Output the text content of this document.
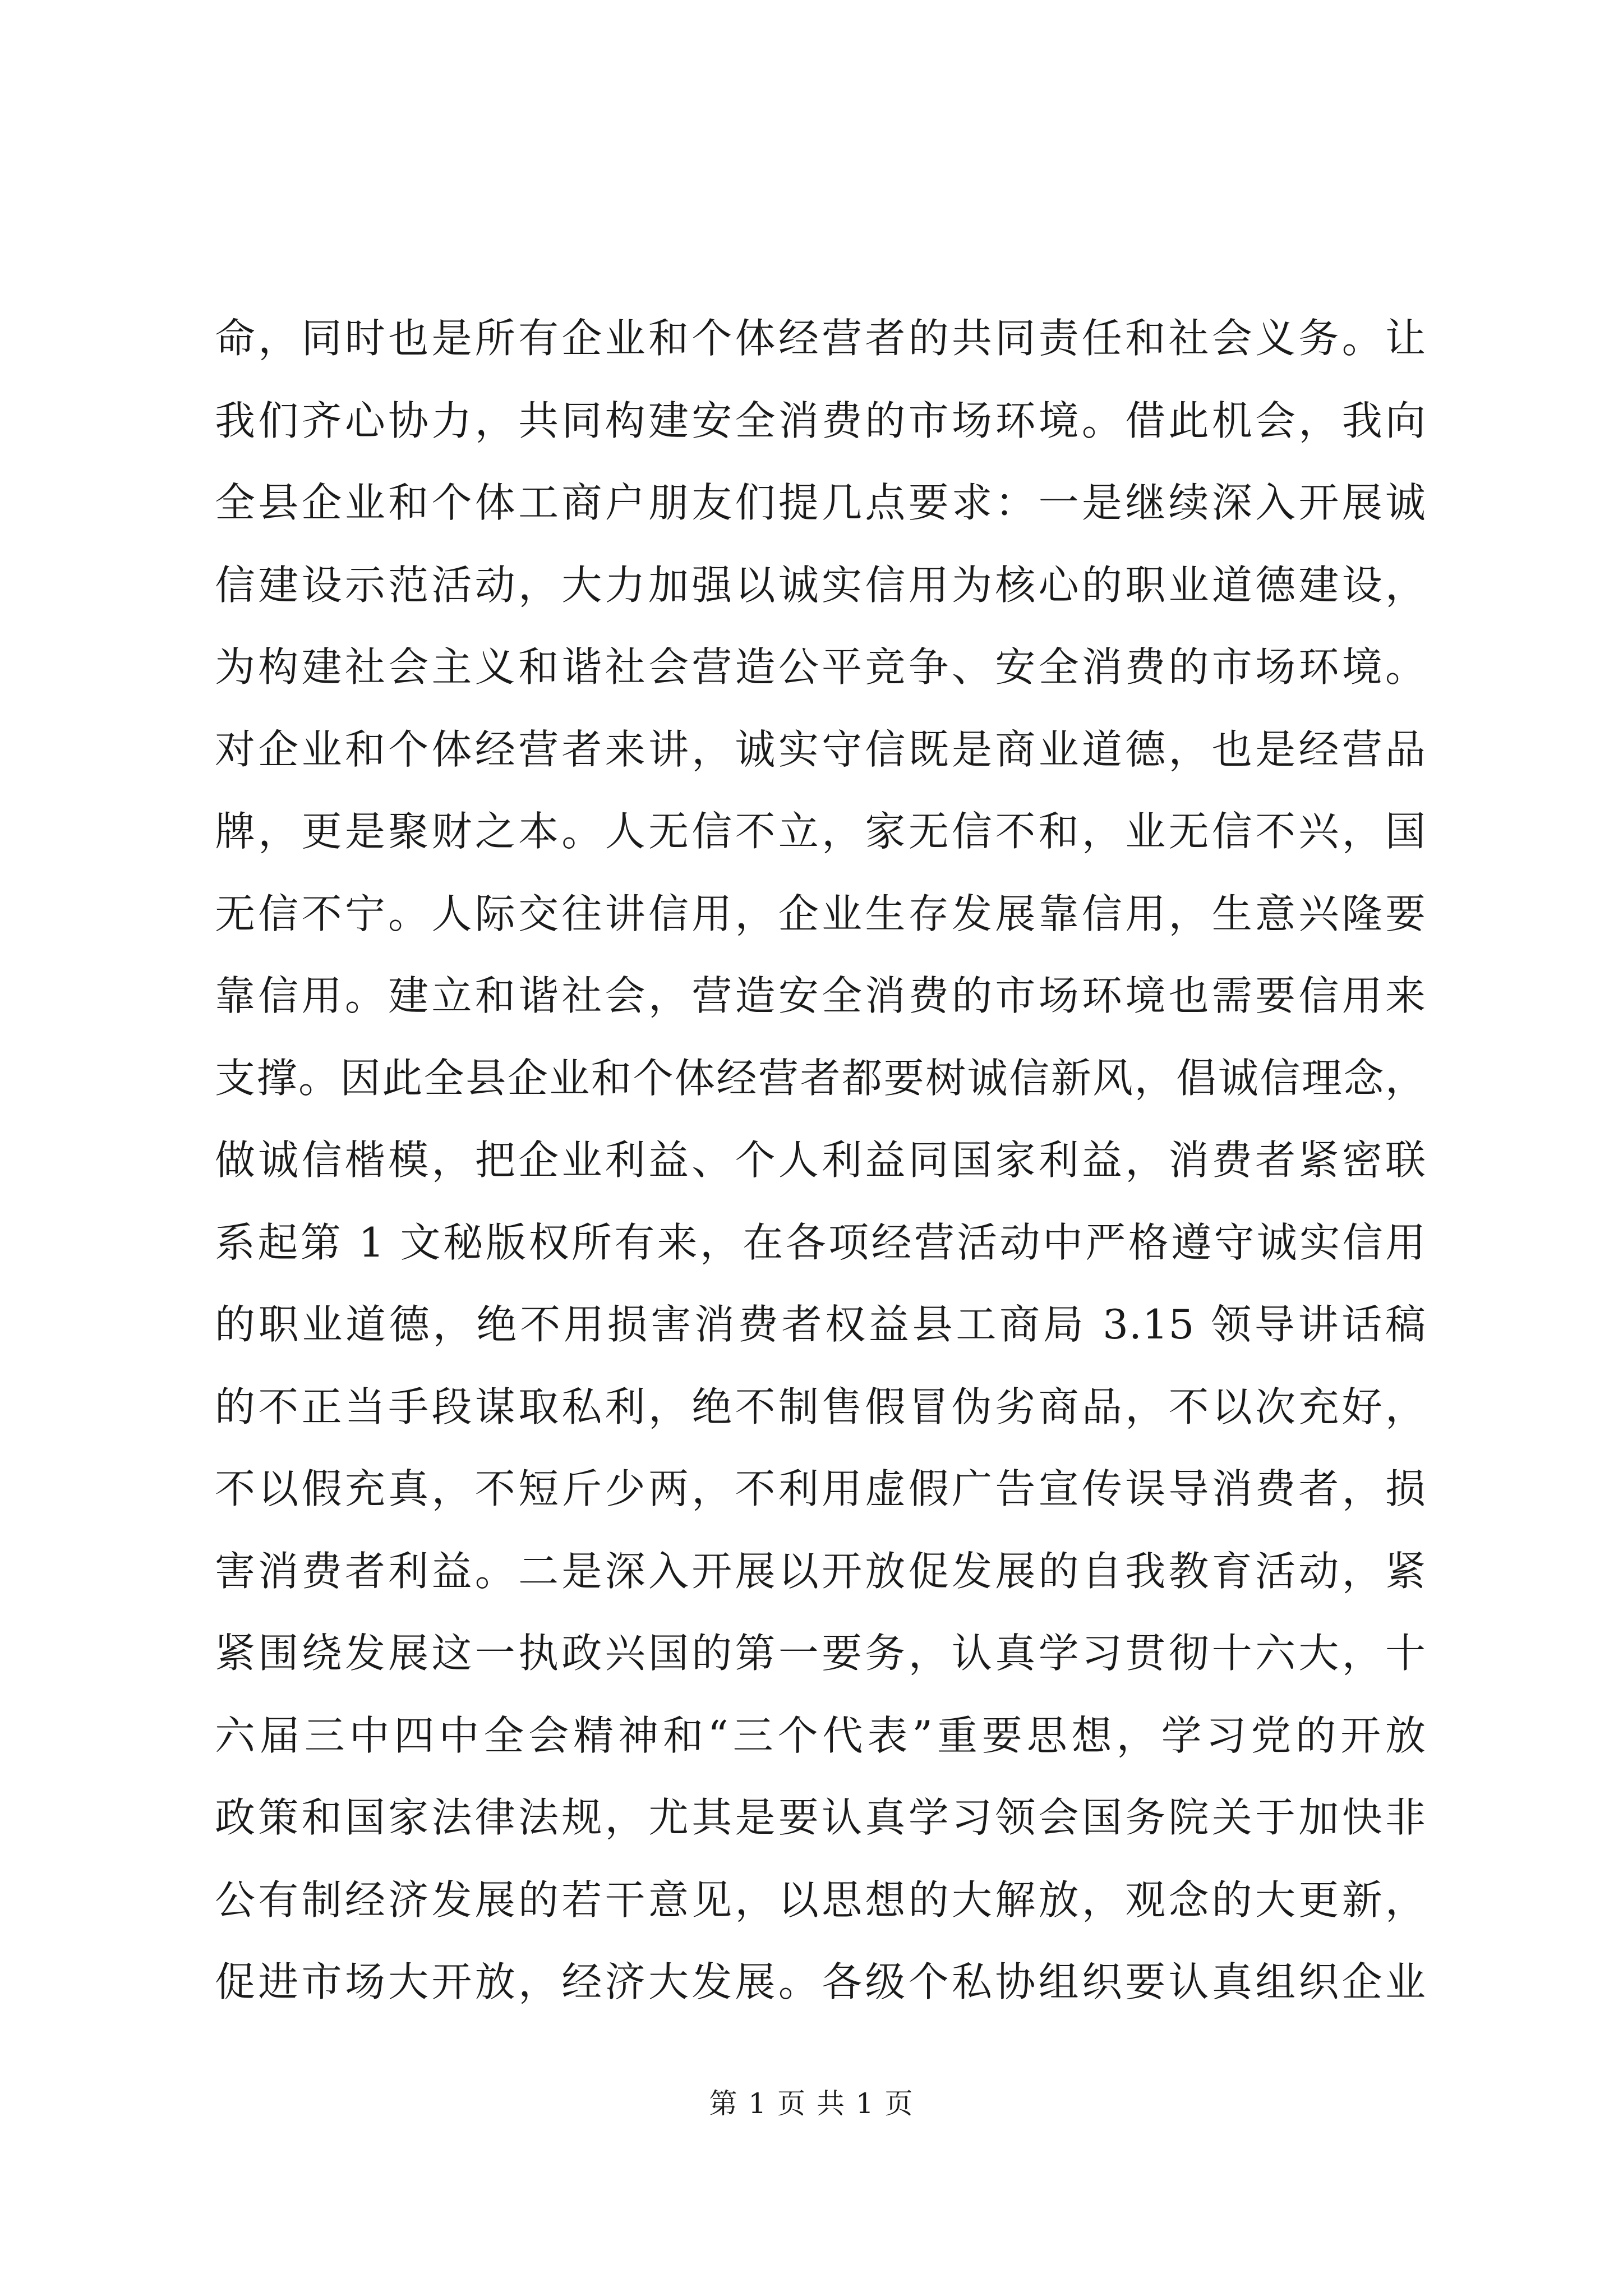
命，同时也是所有企业和个体经营者的共同责任和社会义务。让
我们齐心协力，共同构建安全消费的市场环境。借此机会，我向
全县企业和个体工商户朋友们提几点要求：一是继续深入开展诚
信建设示范活动，大力加强以诚实信用为核心的职业道德建设，
为构建社会主义和谐社会营造公平竞争、安全消费的市场环境。
对企业和个体经营者来讲，诚实守信既是商业道德，也是经营品
牌，更是聚财之本。人无信不立，家无信不和，业无信不兴，国
无信不宁。人际交往讲信用，企业生存发展靠信用，生意兴隆要
靠信用。建立和谐社会，营造安全消费的市场环境也需要信用来
支撑。因此全县企业和个体经营者都要树诚信新风，倡诚信理念，
做诚信楷模，把企业利益、个人利益同国家利益，消费者紧密联
系起第 1 文秘版权所有来，在各项经营活动中严格遵守诚实信用
的职业道德，绝不用损害消费者权益县工商局 3.15 领导讲话稿
的不正当手段谋取私利，绝不制售假冒伪劣商品，不以次充好，
不以假充真，不短斤少两，不利用虚假广告宣传误导消费者，损
害消费者利益。二是深入开展以开放促发展的自我教育活动，紧
紧围绕发展这一执政兴国的第一要务，认真学习贯彻十六大，十
六届三中四中全会精神和“三个代表”重要思想，学习党的开放
政策和国家法律法规，尤其是要认真学习领会国务院关于加快非
公有制经济发展的若干意见，以思想的大解放，观念的大更新，
促进市场大开放，经济大发展。各级个私协组织要认真组织企业
第 1 页 共 1 页
